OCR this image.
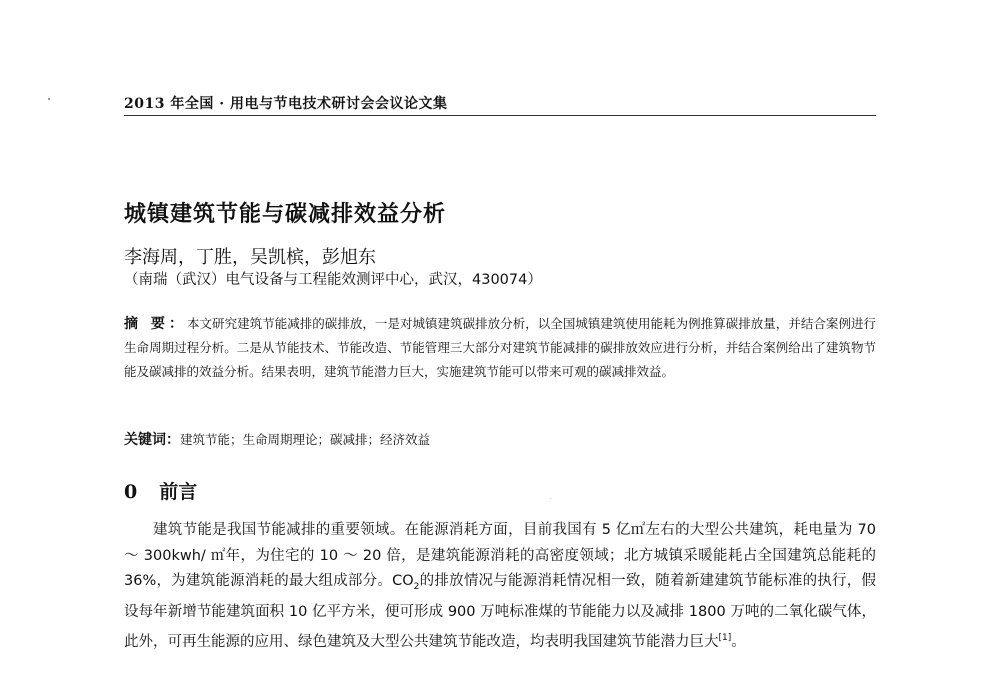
2013 年全国 · 用电与节电技术研讨会会议论文集
城镇建筑节能与碳减排效益分析
李海周，丁胜，吴凯槟，彭旭东
（南瑞（武汉）电气设备与工程能效测评中心，武汉，430074）
摘 要：本文研究建筑节能减排的碳排放，一是对城镇建筑碳排放分析，以全国城镇建筑使用能耗为例推算碳排放量，并结合案例进行生命周期过程分析。二是从节能技术、节能改造、节能管理三大部分对建筑节能减排的碳排放效应进行分析，并结合案例给出了建筑物节能及碳减排的效益分析。结果表明，建筑节能潜力巨大，实施建筑节能可以带来可观的碳减排效益。
关键词：建筑节能；生命周期理论；碳减排；经济效益
0 前言

建筑节能是我国节能减排的重要领域。在能源消耗方面，目前我国有 5 亿㎡左右的大型公共建筑，耗电量为 70 ～ 300kwh/ ㎡年，为住宅的 10 ～ 20 倍，是建筑能源消耗的高密度领域；北方城镇采暖能耗占全国建筑总能耗的 36%，为建筑能源消耗的最大组成部分。$CO_2$的排放情况与能源消耗情况相一致，随着新建建筑节能标准的执行，假设每年新增节能建筑面积 10 亿平方米，便可形成 900 万吨标准煤的节能能力以及减排 1800 万吨的二氧化碳气体，此外，可再生能源的应用、绿色建筑及大型公共建筑节能改造，均表明我国建筑节能潜力巨大[1]。
